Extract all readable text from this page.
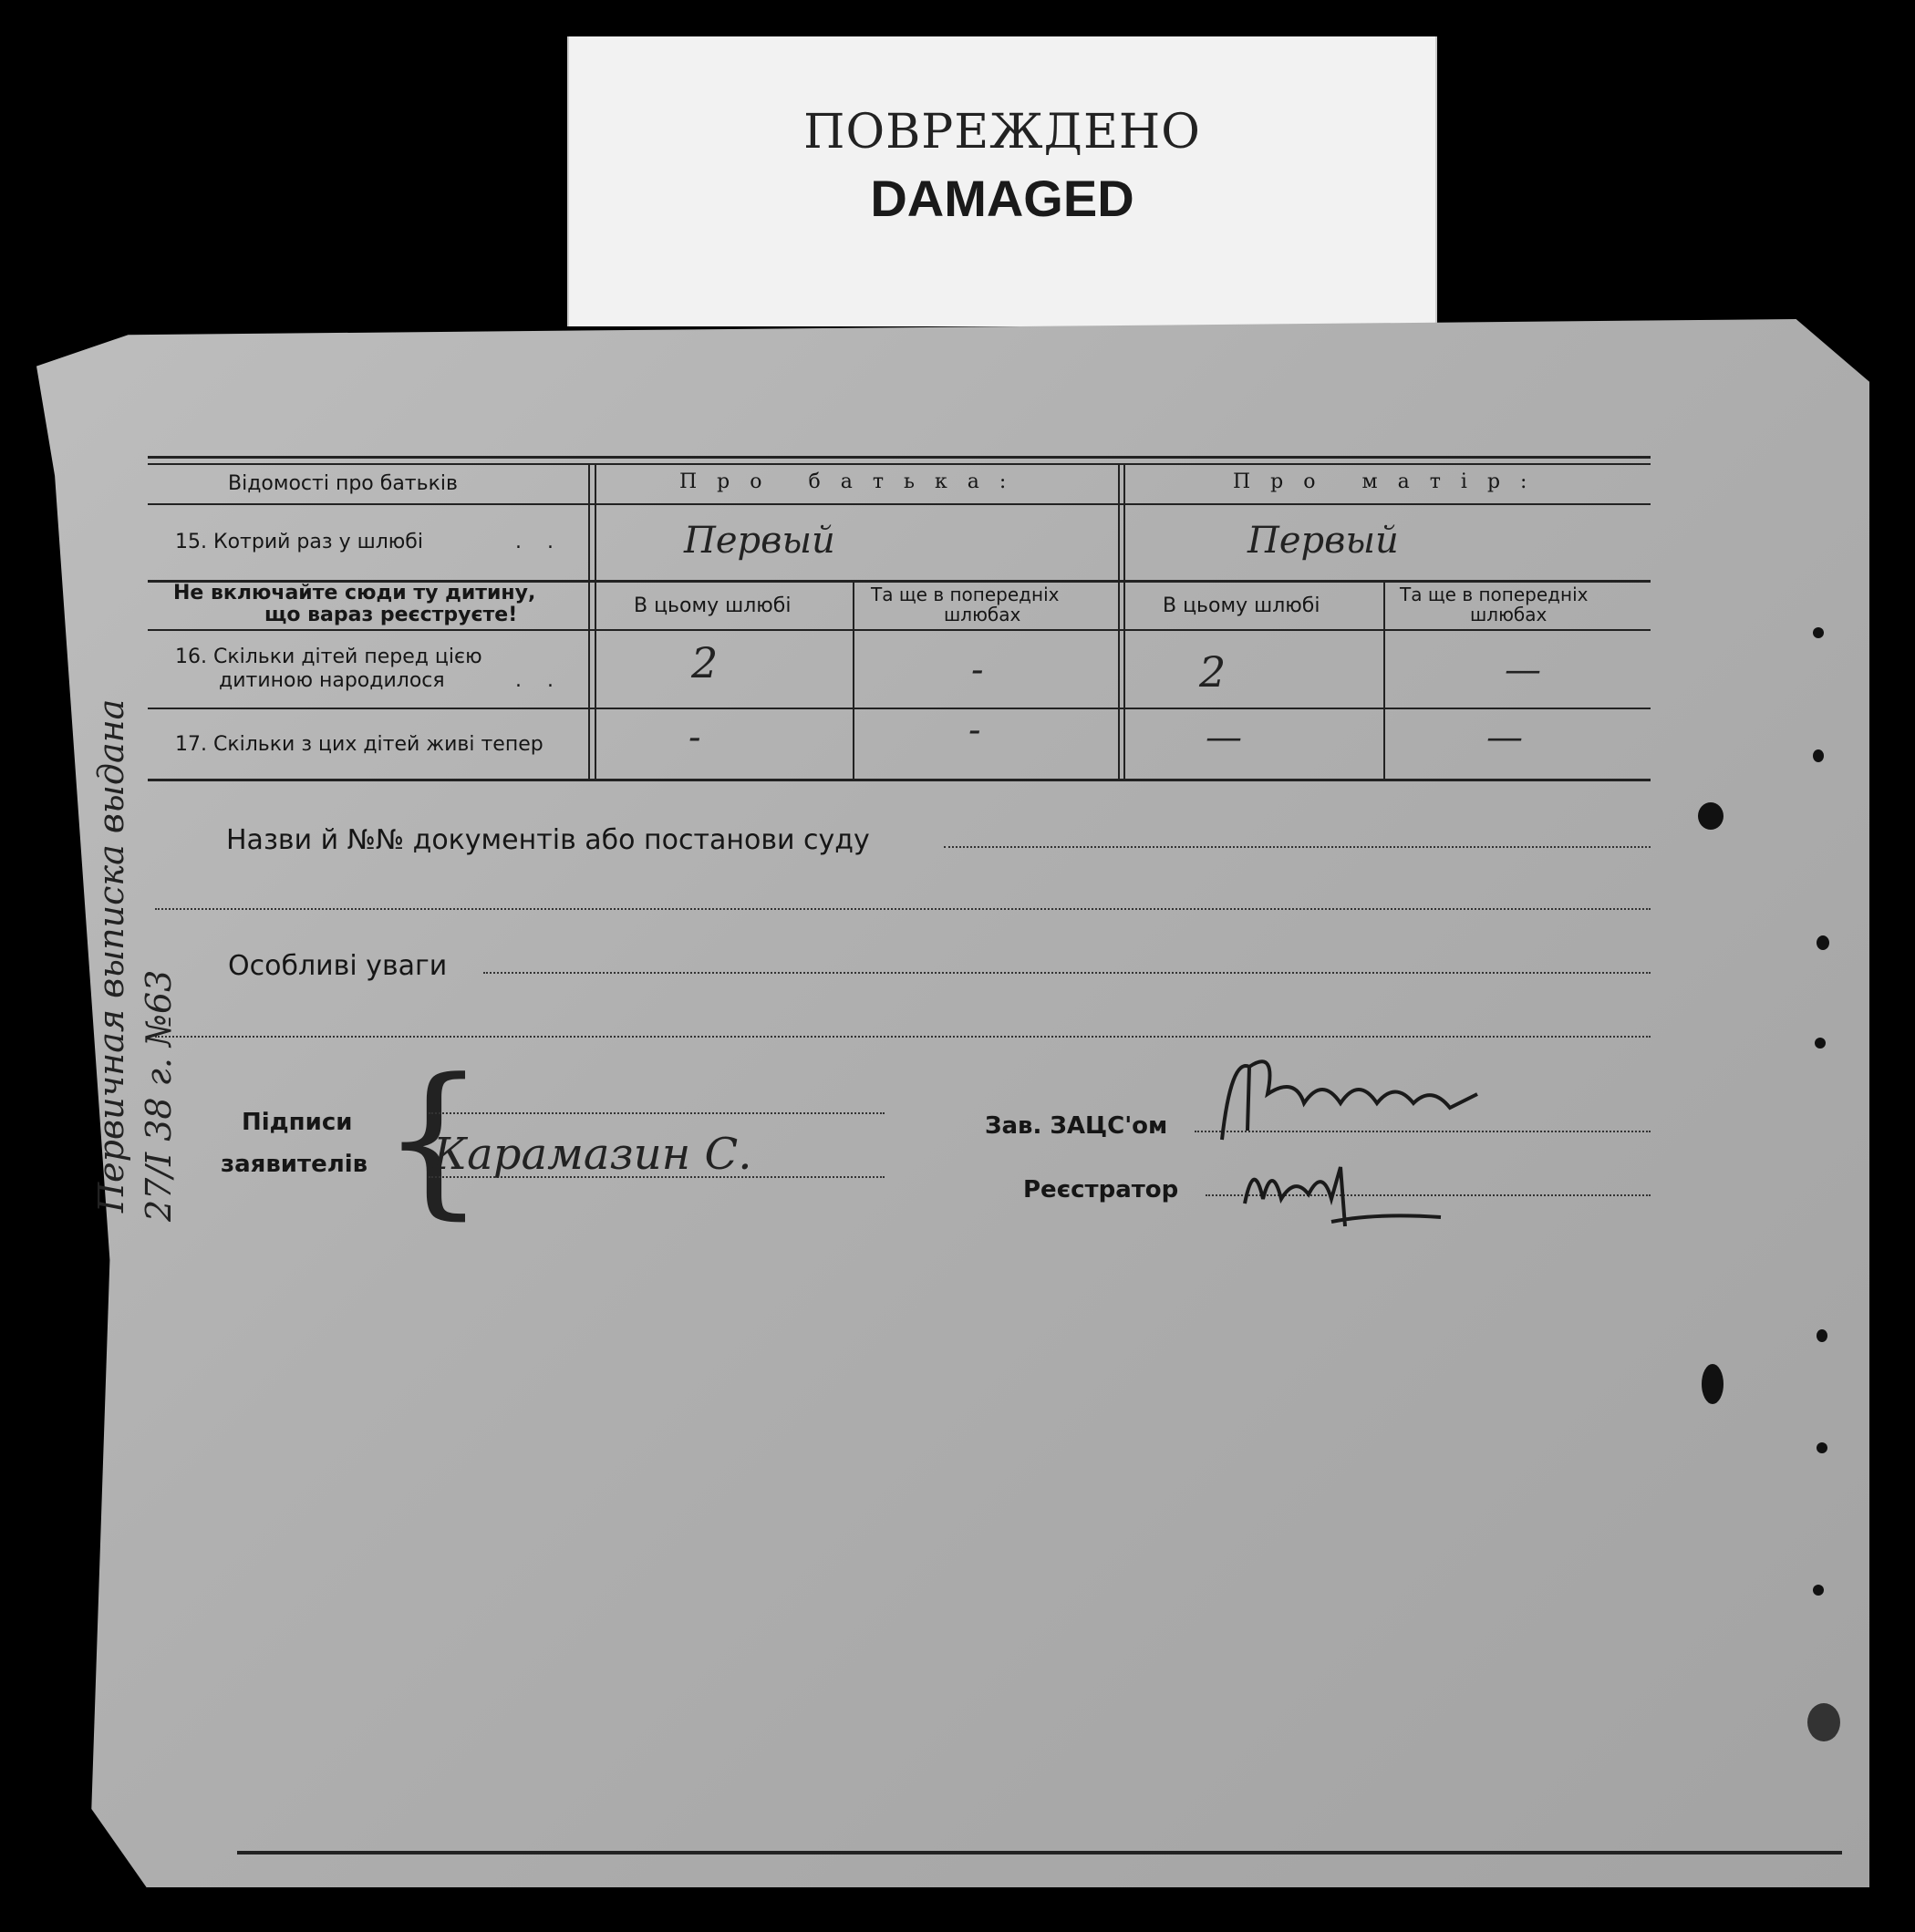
ПОВРЕЖДЕНО
DAMAGED
Відомості про батьків	Про батька:	Про матір:
15. Котрий раз у шлюбі	.    .	Первый	Первый
Не включайте сюди ту дитину,
що вараз реєструєте!	В цьому шлюбі	Та ще в попередніх
шлюбах	В цьому шлюбі	Та ще в попередніх
шлюбах
16. Скільки дітей перед цією
дитиною народилося	.    .	2	-	2	—
17. Скільки з цих дітей живі тепер	-	-	—	—
Назви й №№ документів або постанови суду
Особливі уваги
Підписи
заявителів {
Карамазин С.
Зав. ЗАЦС'ом
Реєстратор
Первичная выписка выдана 27/I 38 г. №63
